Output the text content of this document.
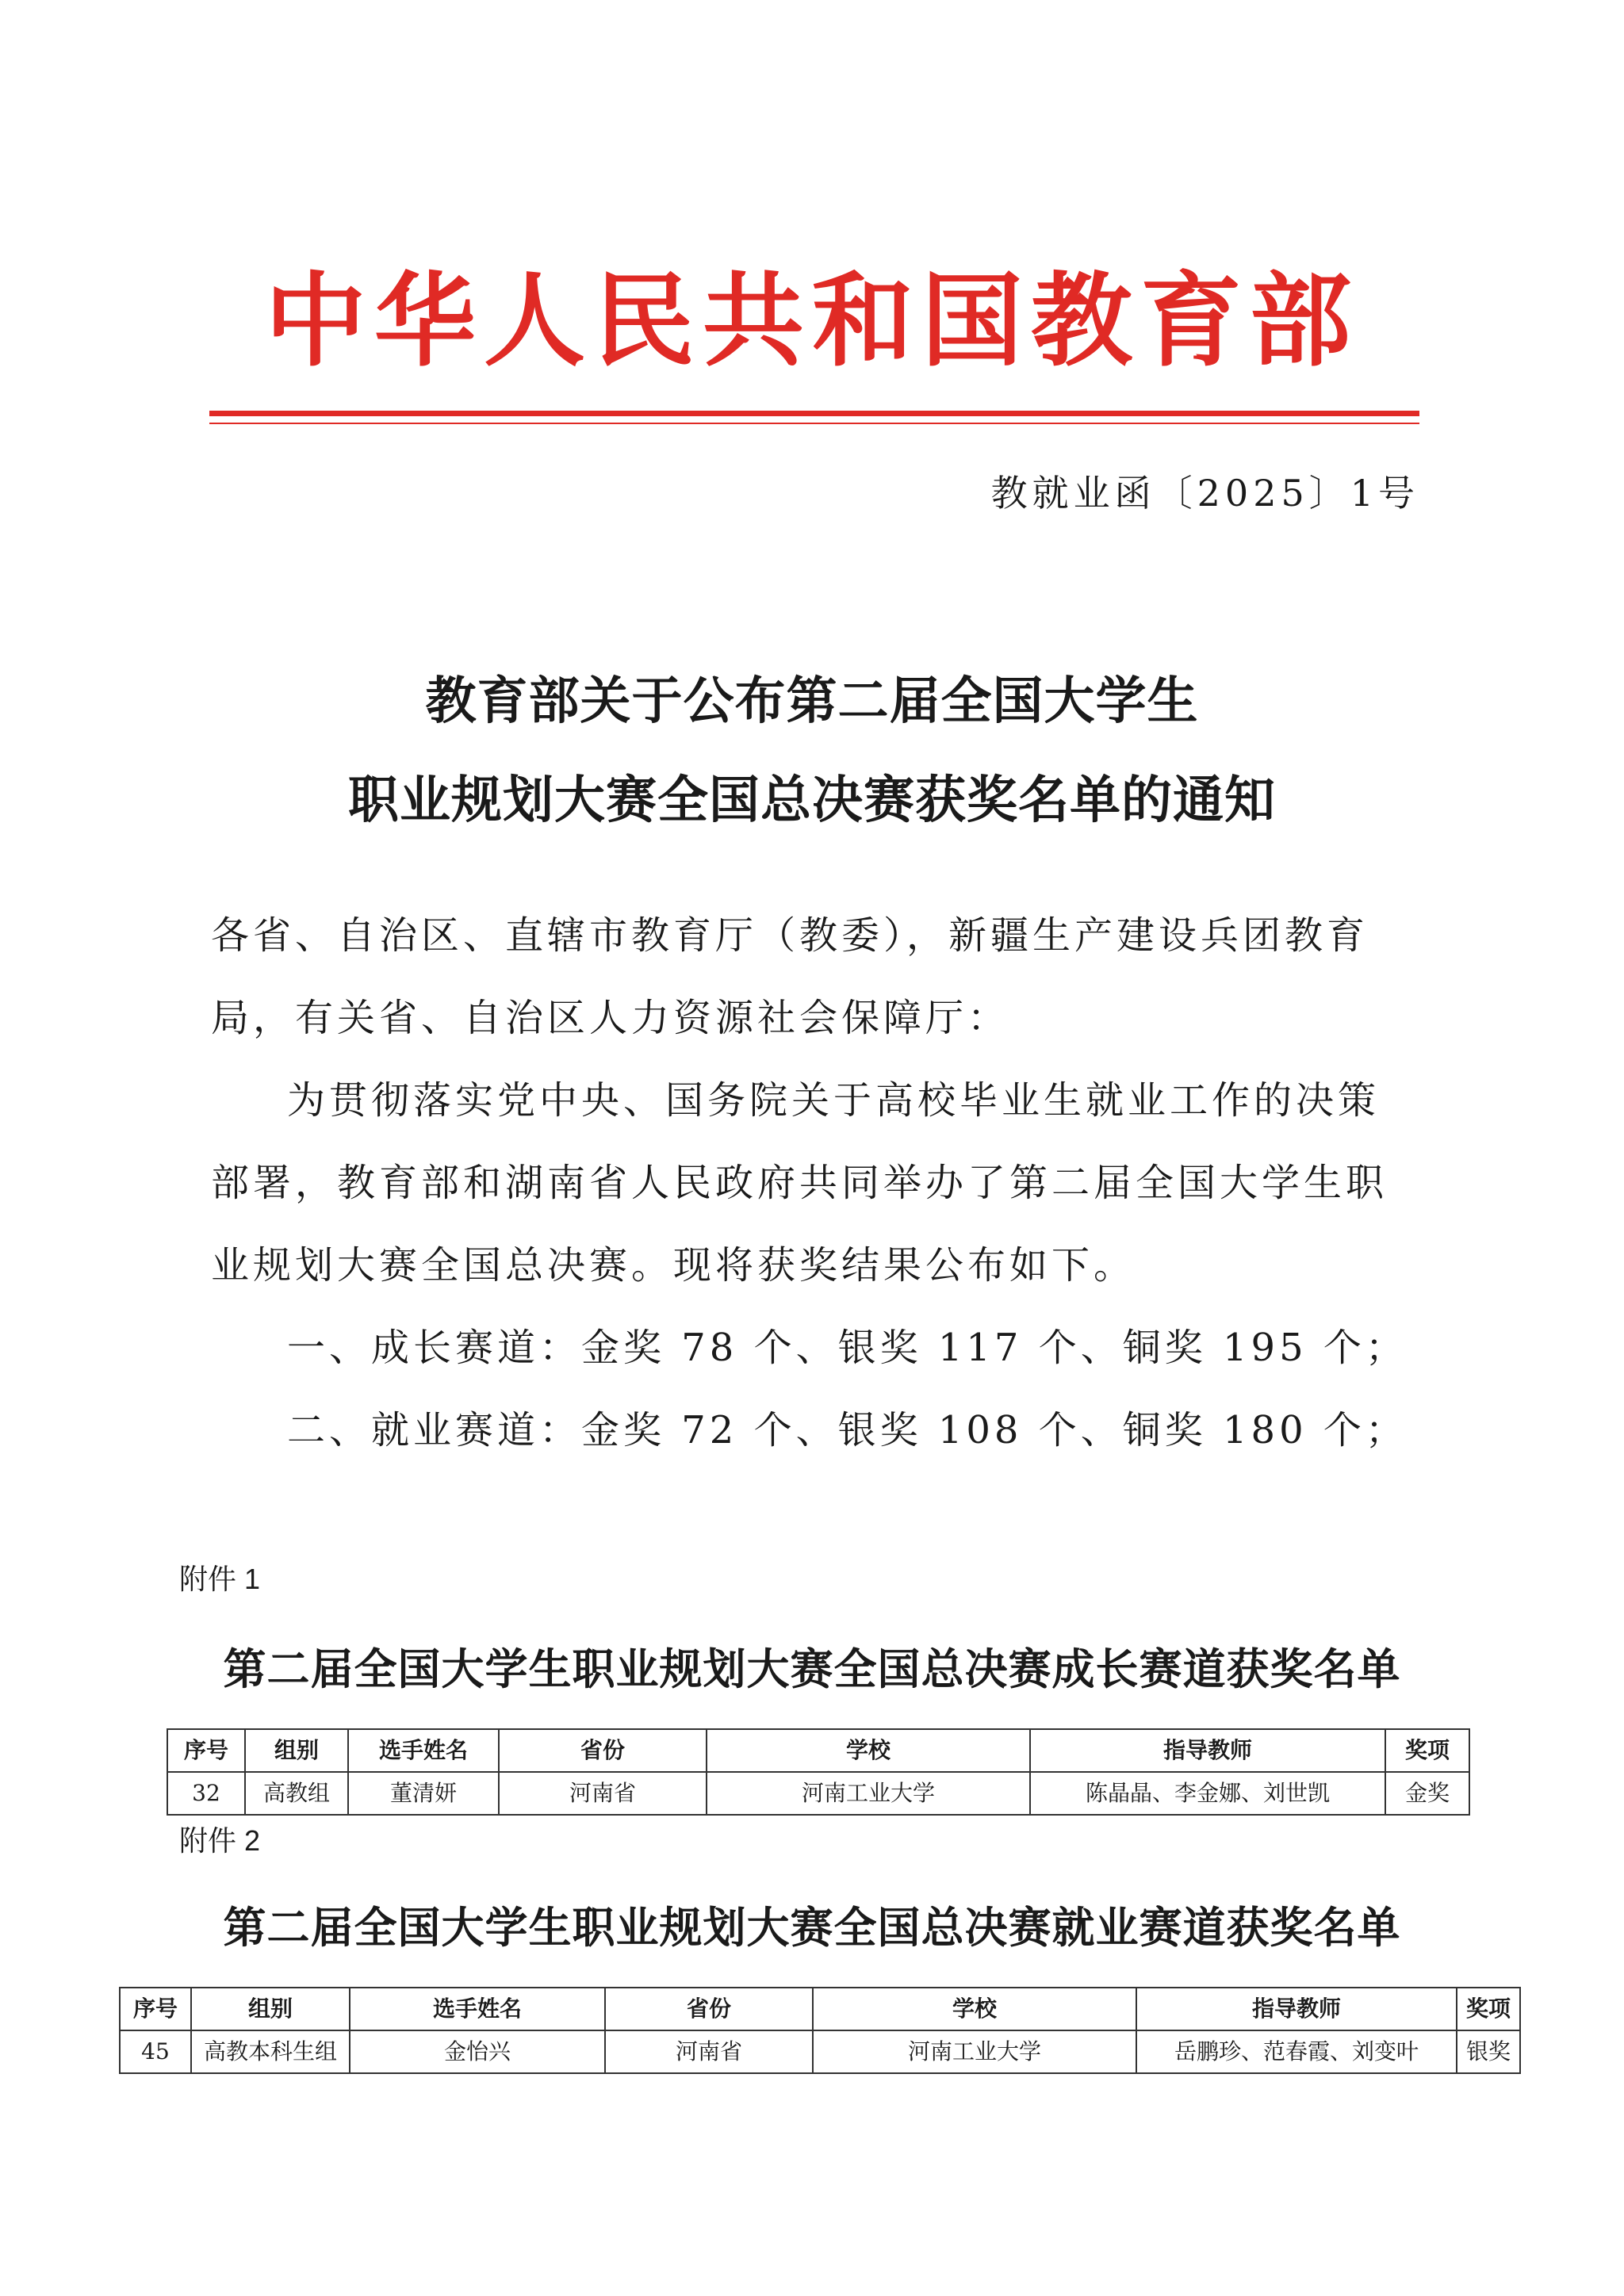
中华人民共和国教育部
教就业函〔2025〕1号
教育部关于公布第二届全国大学生
职业规划大赛全国总决赛获奖名单的通知
各省、自治区、直辖市教育厅（教委），新疆生产建设兵团教育局，有关省、自治区人力资源社会保障厅：
为贯彻落实党中央、国务院关于高校毕业生就业工作的决策部署，教育部和湖南省人民政府共同举办了第二届全国大学生职业规划大赛全国总决赛。现将获奖结果公布如下。
一、成长赛道：金奖 78 个、银奖 117 个、铜奖 195 个；
二、就业赛道：金奖 72 个、银奖 108 个、铜奖 180 个；
附件 1
第二届全国大学生职业规划大赛全国总决赛成长赛道获奖名单
序号	组别	选手姓名	省份	学校	指导教师	奖项
32	高教组	董清妍	河南省	河南工业大学	陈晶晶、李金娜、刘世凯	金奖
附件 2
第二届全国大学生职业规划大赛全国总决赛就业赛道获奖名单
序号	组别	选手姓名	省份	学校	指导教师	奖项
45	高教本科生组	金怡兴	河南省	河南工业大学	岳鹏珍、范春霞、刘变叶	银奖
